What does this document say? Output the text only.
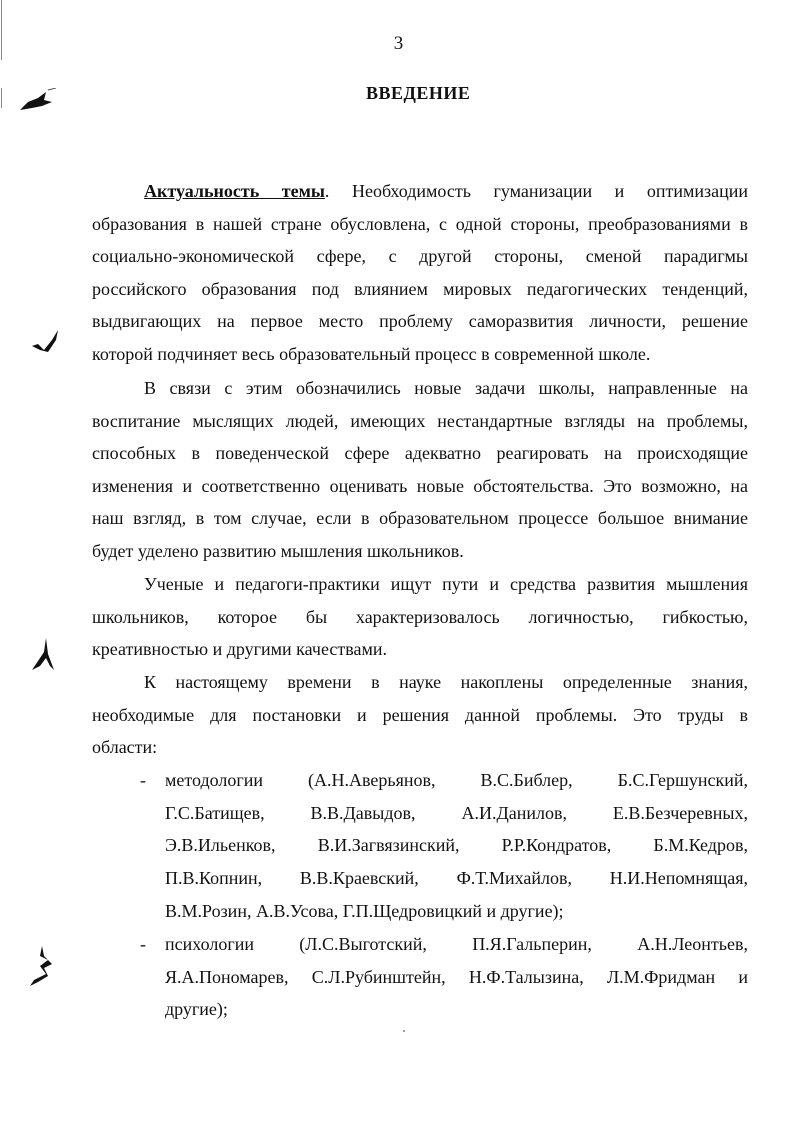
3
ВВЕДЕНИЕ
Актуальность темы. Необходимость гуманизации и оптимизации
образования в нашей стране обусловлена, с одной стороны, преобразованиями в
социально-экономической сфере, с другой стороны, сменой парадигмы
российского образования под влиянием мировых педагогических тенденций,
выдвигающих на первое место проблему саморазвития личности, решение
которой подчиняет весь образовательный процесс в современной школе.
В связи с этим обозначились новые задачи школы, направленные на
воспитание мыслящих людей, имеющих нестандартные взгляды на проблемы,
способных в поведенческой сфере адекватно реагировать на происходящие
изменения и соответственно оценивать новые обстоятельства. Это возможно, на
наш взгляд, в том случае, если в образовательном процессе большое внимание
будет уделено развитию мышления школьников.
Ученые и педагоги-практики ищут пути и средства развития мышления
школьников, которое бы характеризовалось логичностью, гибкостью,
креативностью и другими качествами.
К настоящему времени в науке накоплены определенные знания,
необходимые для постановки и решения данной проблемы. Это труды в
области:
- методологии (А.Н.Аверьянов, В.С.Библер, Б.С.Гершунский,
Г.С.Батищев,	В.В.Давыдов,	А.И.Данилов,	Е.В.Безчеревных,
Э.В.Ильенков, В.И.Загвязинский, Р.Р.Кондратов, Б.М.Кедров,
П.В.Копнин, В.В.Краевский, Ф.Т.Михайлов, Н.И.Непомнящая,
В.М.Розин, А.В.Усова, Г.П.Щедровицкий и другие);
- психологии	(Л.С.Выготский,	П.Я.Гальперин,	А.Н.Леонтьев,
Я.А.Пономарев, С.Л.Рубинштейн, Н.Ф.Талызина, Л.М.Фридман и
другие);
